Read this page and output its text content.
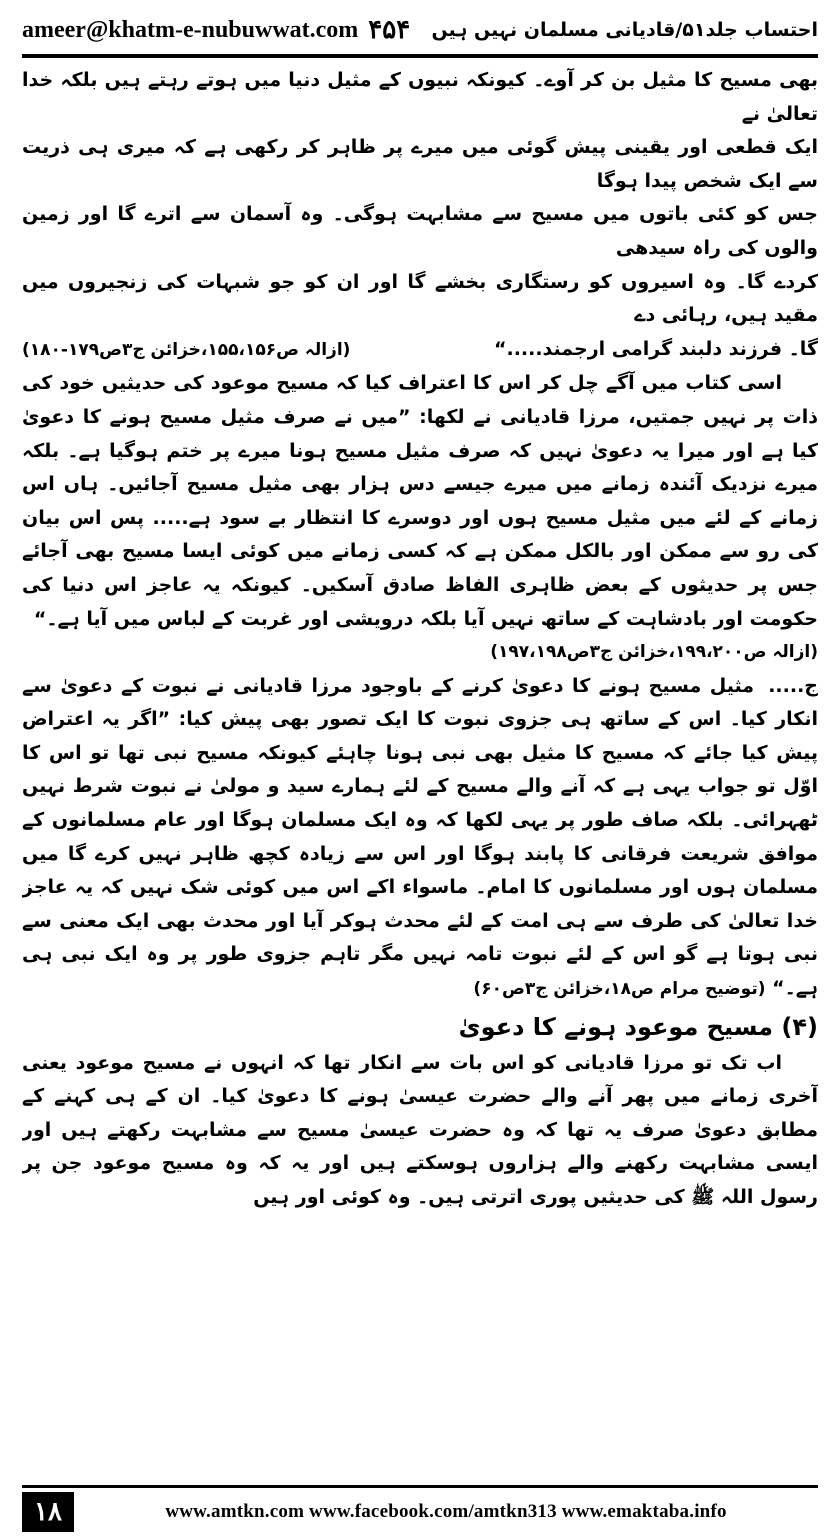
ameer@khatm-e-nubuwwat.com ۴۵۴ احتساب جلد۵۱/قادیانی مسلمان نہیں ہیں

بھی مسیح کا مثیل بن کر آوے۔ کیونکہ نبیوں کے مثیل دنیا میں ہوتے رہتے ہیں بلکہ خدا تعالیٰ نے

ایک قطعی اور یقینی پیش گوئی میں میرے پر ظاہر کر رکھی ہے کہ میری ہی ذریت سے ایک شخص پیدا ہوگا

جس کو کئی باتوں میں مسیح سے مشابہت ہوگی۔ وہ آسمان سے اترے گا اور زمین والوں کی راہ سیدھی

کردے گا۔ وہ اسیروں کو رستگاری بخشے گا اور ان کو جو شبہات کی زنجیروں میں مقید ہیں، رہائی دے

گا۔ فرزند دلبند گرامی ارجمند.....“
(ازالہ ص۱۵۵،۱۵۶،خزائن ج۳ص۱۷۹-۱۸۰)

اسی کتاب میں آگے چل کر اس کا اعتراف کیا کہ مسیح موعود کی حدیثیں خود کی ذات پر نہیں جمتیں، مرزا قادیانی نے لکھا: ”میں نے صرف مثیل مسیح ہونے کا دعویٰ کیا ہے اور میرا یہ دعویٰ نہیں کہ صرف مثیل مسیح ہونا میرے پر ختم ہوگیا ہے۔ بلکہ میرے نزدیک آئندہ زمانے میں میرے جیسے دس ہزار بھی مثیل مسیح آجائیں۔ ہاں اس زمانے کے لئے میں مثیل مسیح ہوں اور دوسرے کا انتظار بے سود ہے..... پس اس بیان کی رو سے ممکن اور بالکل ممکن ہے کہ کسی زمانے میں کوئی ایسا مسیح بھی آجائے جس پر حدیثوں کے بعض ظاہری الفاظ صادق آسکیں۔ کیونکہ یہ عاجز اس دنیا کی حکومت اور بادشاہت کے ساتھ نہیں آیا بلکہ درویشی اور غربت کے لباس میں آیا ہے۔“

(ازالہ ص۱۹۹،۲۰۰،خزائن ج۳ص۱۹۷،۱۹۸)

ج.....مثیل مسیح ہونے کا دعویٰ کرنے کے باوجود مرزا قادیانی نے نبوت کے دعویٰ سے انکار کیا۔ اس کے ساتھ ہی جزوی نبوت کا ایک تصور بھی پیش کیا: ”اگر یہ اعتراض پیش کیا جائے کہ مسیح کا مثیل بھی نبی ہونا چاہئے کیونکہ مسیح نبی تھا تو اس کا اوّل تو جواب یہی ہے کہ آنے والے مسیح کے لئے ہمارے سید و مولیٰ نے نبوت شرط نہیں ٹھہرائی۔ بلکہ صاف طور پر یہی لکھا کہ وہ ایک مسلمان ہوگا اور عام مسلمانوں کے موافق شریعت فرقانی کا پابند ہوگا اور اس سے زیادہ کچھ ظاہر نہیں کرے گا میں مسلمان ہوں اور مسلمانوں کا امام۔ ماسواء اکے اس میں کوئی شک نہیں کہ یہ عاجز خدا تعالیٰ کی طرف سے ہی امت کے لئے محدث ہوکر آیا اور محدث بھی ایک معنی سے نبی ہوتا ہے گو اس کے لئے نبوت تامہ نہیں مگر تاہم جزوی طور پر وہ ایک نبی ہی ہے۔“ (توضیح مرام ص۱۸،خزائن ج۳ص۶۰)

(۴) مسیح موعود ہونے کا دعویٰ

اب تک تو مرزا قادیانی کو اس بات سے انکار تھا کہ انہوں نے مسیح موعود یعنی آخری زمانے میں پھر آنے والے حضرت عیسیٰ ہونے کا دعویٰ کیا۔ ان کے ہی کہنے کے مطابق دعویٰ صرف یہ تھا کہ وہ حضرت عیسیٰ مسیح سے مشابہت رکھتے ہیں اور ایسی مشابہت رکھنے والے ہزاروں ہوسکتے ہیں اور یہ کہ وہ مسیح موعود جن پر رسول اللہ ﷺ کی حدیثیں پوری اترتی ہیں۔ وہ کوئی اور ہیں

۱۸	www.amtkn.com www.facebook.com/amtkn313 www.emaktaba.info
